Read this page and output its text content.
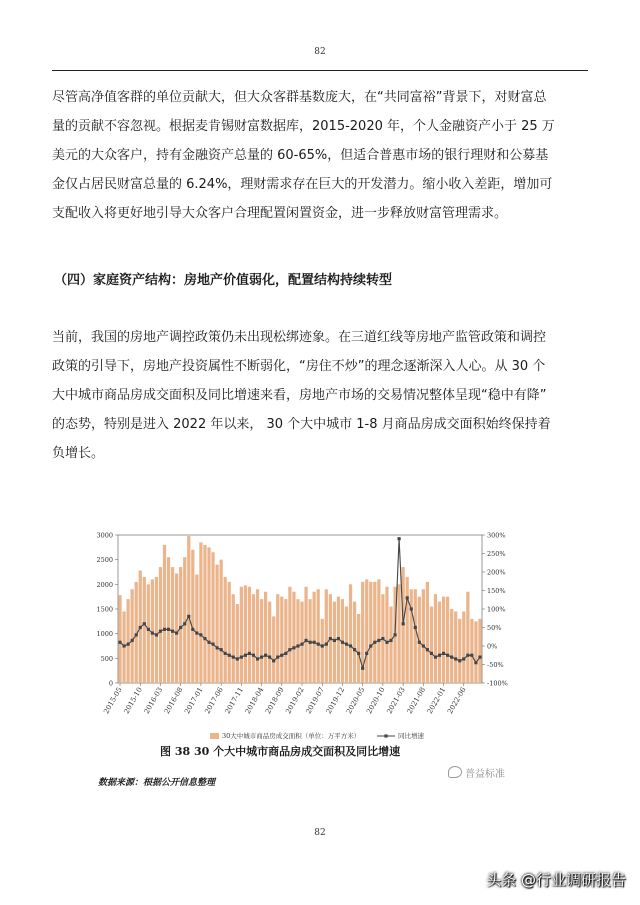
82
尽管高净值客群的单位贡献大，但大众客群基数庞大，在“共同富裕”背景下，对财富总
量的贡献不容忽视。根据麦肯锡财富数据库，2015-2020 年，个人金融资产小于 25 万
美元的大众客户，持有金融资产总量的 60-65%，但适合普惠市场的银行理财和公募基
金仅占居民财富总量的 6.24%，理财需求存在巨大的开发潜力。缩小收入差距，增加可
支配收入将更好地引导大众客户合理配置闲置资金，进一步释放财富管理需求。
（四）家庭资产结构：房地产价值弱化，配置结构持续转型
当前，我国的房地产调控政策仍未出现松绑迹象。在三道红线等房地产监管政策和调控
政策的引导下，房地产投资属性不断弱化，“房住不炒”的理念逐渐深入人心。从 30 个
大中城市商品房成交面积及同比增速来看，房地产市场的交易情况整体呈现“稳中有降”
的态势，特别是进入 2022 年以来， 30 个大中城市 1-8 月商品房成交面积始终保持着
负增长。
0
500
1000
1500
2000
2500
3000
-100%
-50%
0%
50%
100%
150%
200%
250%
300%
2015-05
2015-10
2016-03
2016-08
2017-01
2017-06
2017-11
2018-04
2018-09
2019-02
2019-07
2019-12
2020-05
2020-10
2021-03
2021-08
2022-01
2022-06
30大中城市商品房成交面积（单位：万平方米）	同比增速
图 38 30 个大中城市商品房成交面积及同比增速
普益标准
数据来源：根据公开信息整理
82
头条 @行业调研报告
